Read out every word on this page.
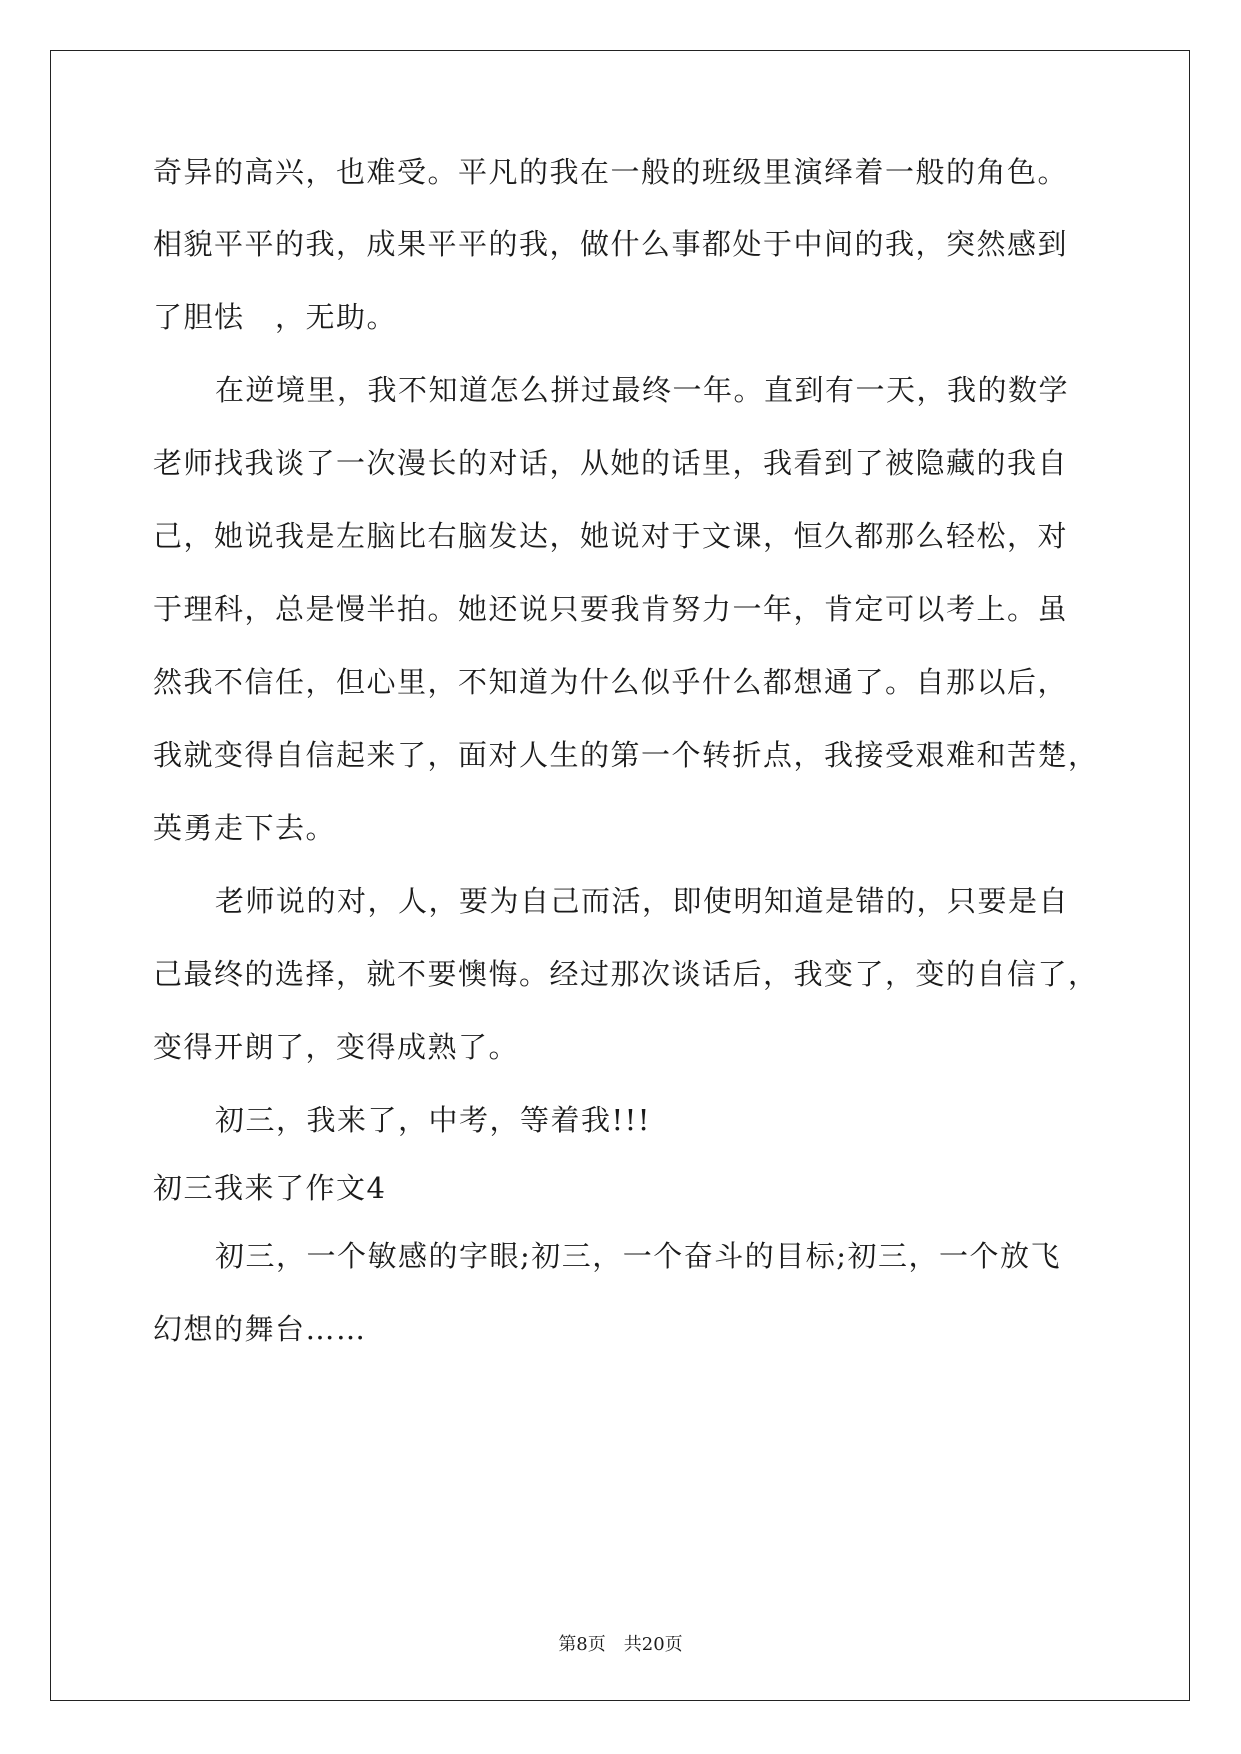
奇异的高兴，也难受。平凡的我在一般的班级里演绎着一般的角色。
相貌平平的我，成果平平的我，做什么事都处于中间的我，突然感到
了胆怯　，无助。
在逆境里，我不知道怎么拼过最终一年。直到有一天，我的数学
老师找我谈了一次漫长的对话，从她的话里，我看到了被隐藏的我自
己，她说我是左脑比右脑发达，她说对于文课，恒久都那么轻松，对
于理科，总是慢半拍。她还说只要我肯努力一年，肯定可以考上。虽
然我不信任，但心里，不知道为什么似乎什么都想通了。自那以后，
我就变得自信起来了，面对人生的第一个转折点，我接受艰难和苦楚，
英勇走下去。
老师说的对，人，要为自己而活，即使明知道是错的，只要是自
己最终的选择，就不要懊悔。经过那次谈话后，我变了，变的自信了，
变得开朗了，变得成熟了。
初三，我来了，中考，等着我!!!
初三我来了作文4
初三，一个敏感的字眼;初三，一个奋斗的目标;初三，一个放飞
幻想的舞台……
第8页　共20页
